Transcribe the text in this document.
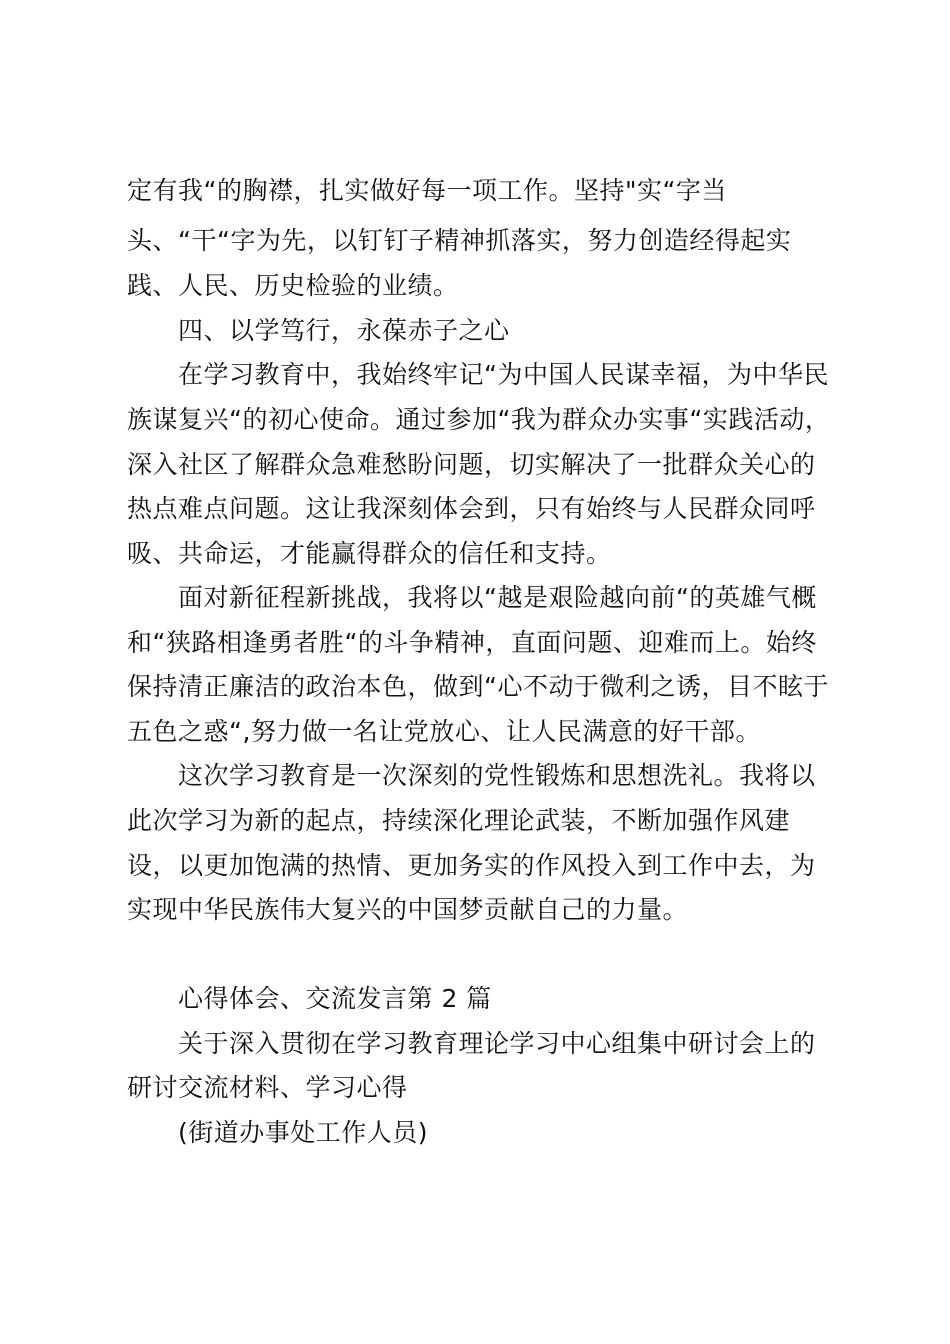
定有我“的胸襟，扎实做好每一项工作。坚持"实“字当
头、“干“字为先，以钉钉子精神抓落实，努力创造经得起实
践、人民、历史检验的业绩。
四、以学笃行，永葆赤子之心
在学习教育中，我始终牢记“为中国人民谋幸福，为中华民
族谋复兴“的初心使命。通过参加“我为群众办实事“实践活动，
深入社区了解群众急难愁盼问题，切实解决了一批群众关心的
热点难点问题。这让我深刻体会到，只有始终与人民群众同呼
吸、共命运，才能赢得群众的信任和支持。
面对新征程新挑战，我将以“越是艰险越向前“的英雄气概
和“狭路相逢勇者胜“的斗争精神，直面问题、迎难而上。始终
保持清正廉洁的政治本色，做到“心不动于微利之诱，目不眩于
五色之惑“,努力做一名让党放心、让人民满意的好干部。
这次学习教育是一次深刻的党性锻炼和思想洗礼。我将以
此次学习为新的起点，持续深化理论武装，不断加强作风建
设，以更加饱满的热情、更加务实的作风投入到工作中去，为
实现中华民族伟大复兴的中国梦贡献自己的力量。
心得体会、交流发言第 2 篇
关于深入贯彻在学习教育理论学习中心组集中研讨会上的
研讨交流材料、学习心得
(街道办事处工作人员)
